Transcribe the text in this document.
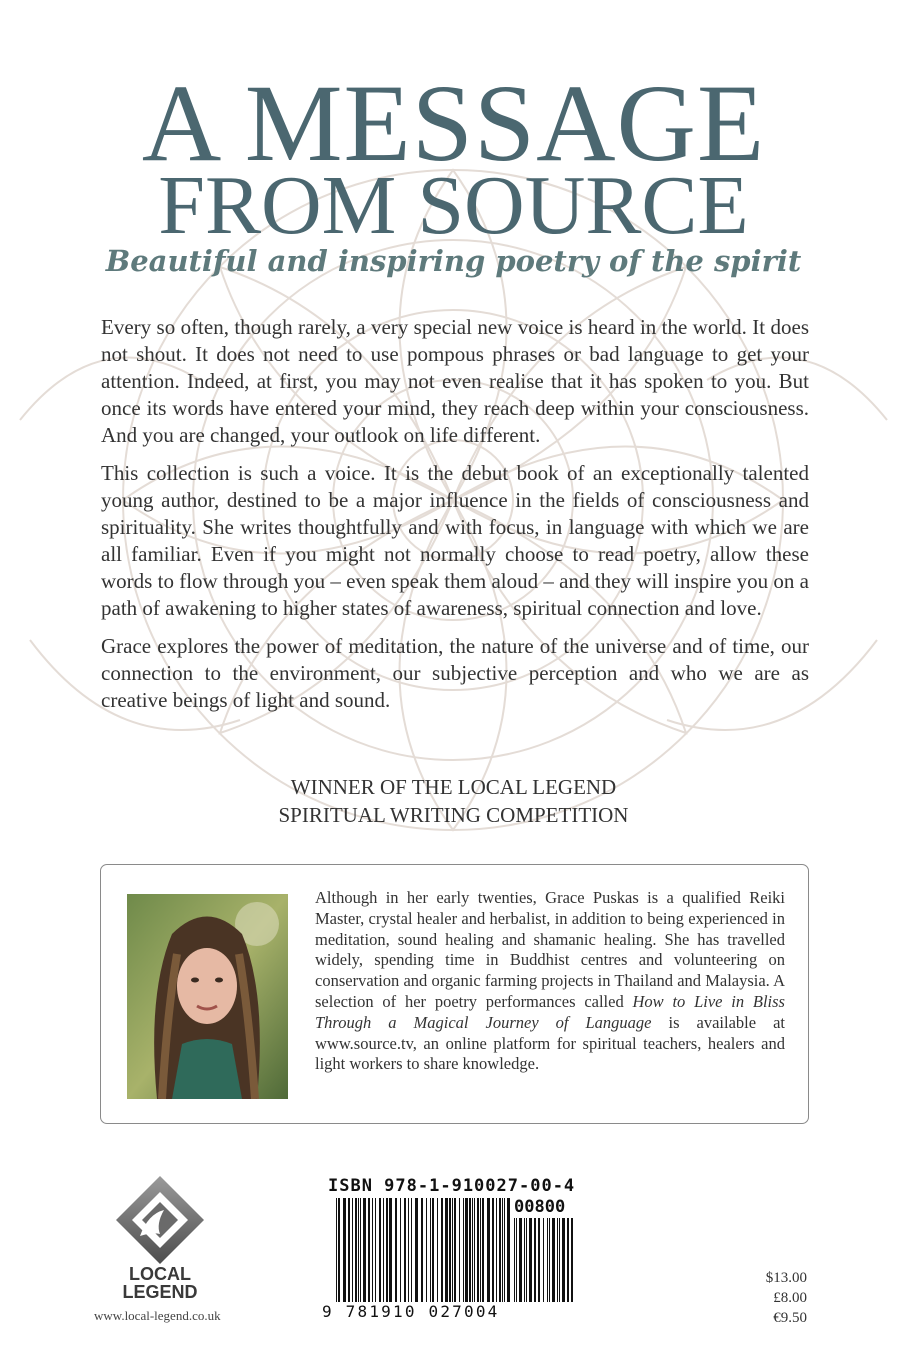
A MESSAGE
FROM SOURCE
Beautiful and inspiring poetry of the spirit

Every so often, though rarely, a very special new voice is heard in the world. It does not shout. It does not need to use pompous phrases or bad language to get your attention. Indeed, at first, you may not even realise that it has spoken to you. But once its words have entered your mind, they reach deep within your consciousness. And you are changed, your outlook on life different.

This collection is such a voice. It is the debut book of an exceptionally talented young author, destined to be a major influence in the fields of consciousness and spirituality. She writes thoughtfully and with focus, in language with which we are all familiar. Even if you might not normally choose to read poetry, allow these words to flow through you – even speak them aloud – and they will inspire you on a path of awakening to higher states of awareness, spiritual connection and love.

Grace explores the power of meditation, the nature of the universe and of time, our connection to the environment, our subjective perception and who we are as creative beings of light and sound.

WINNER OF THE LOCAL LEGEND
SPIRITUAL WRITING COMPETITION
Although in her early twenties, Grace Puskas is a qualified Reiki Master, crystal healer and herbalist, in addition to being experienced in meditation, sound healing and shamanic healing. She has travelled widely, spending time in Buddhist centres and volunteering on conservation and organic farming projects in Thailand and Malaysia. A selection of her poetry performances called How to Live in Bliss Through a Magical Journey of Language is available at www.source.tv, an online platform for spiritual teachers, healers and light workers to share knowledge.
LOCAL
LEGEND
www.local-legend.co.uk
ISBN 978-1-910027-00-4
00800
9 781910 027004
$13.00
£8.00
€9.50
